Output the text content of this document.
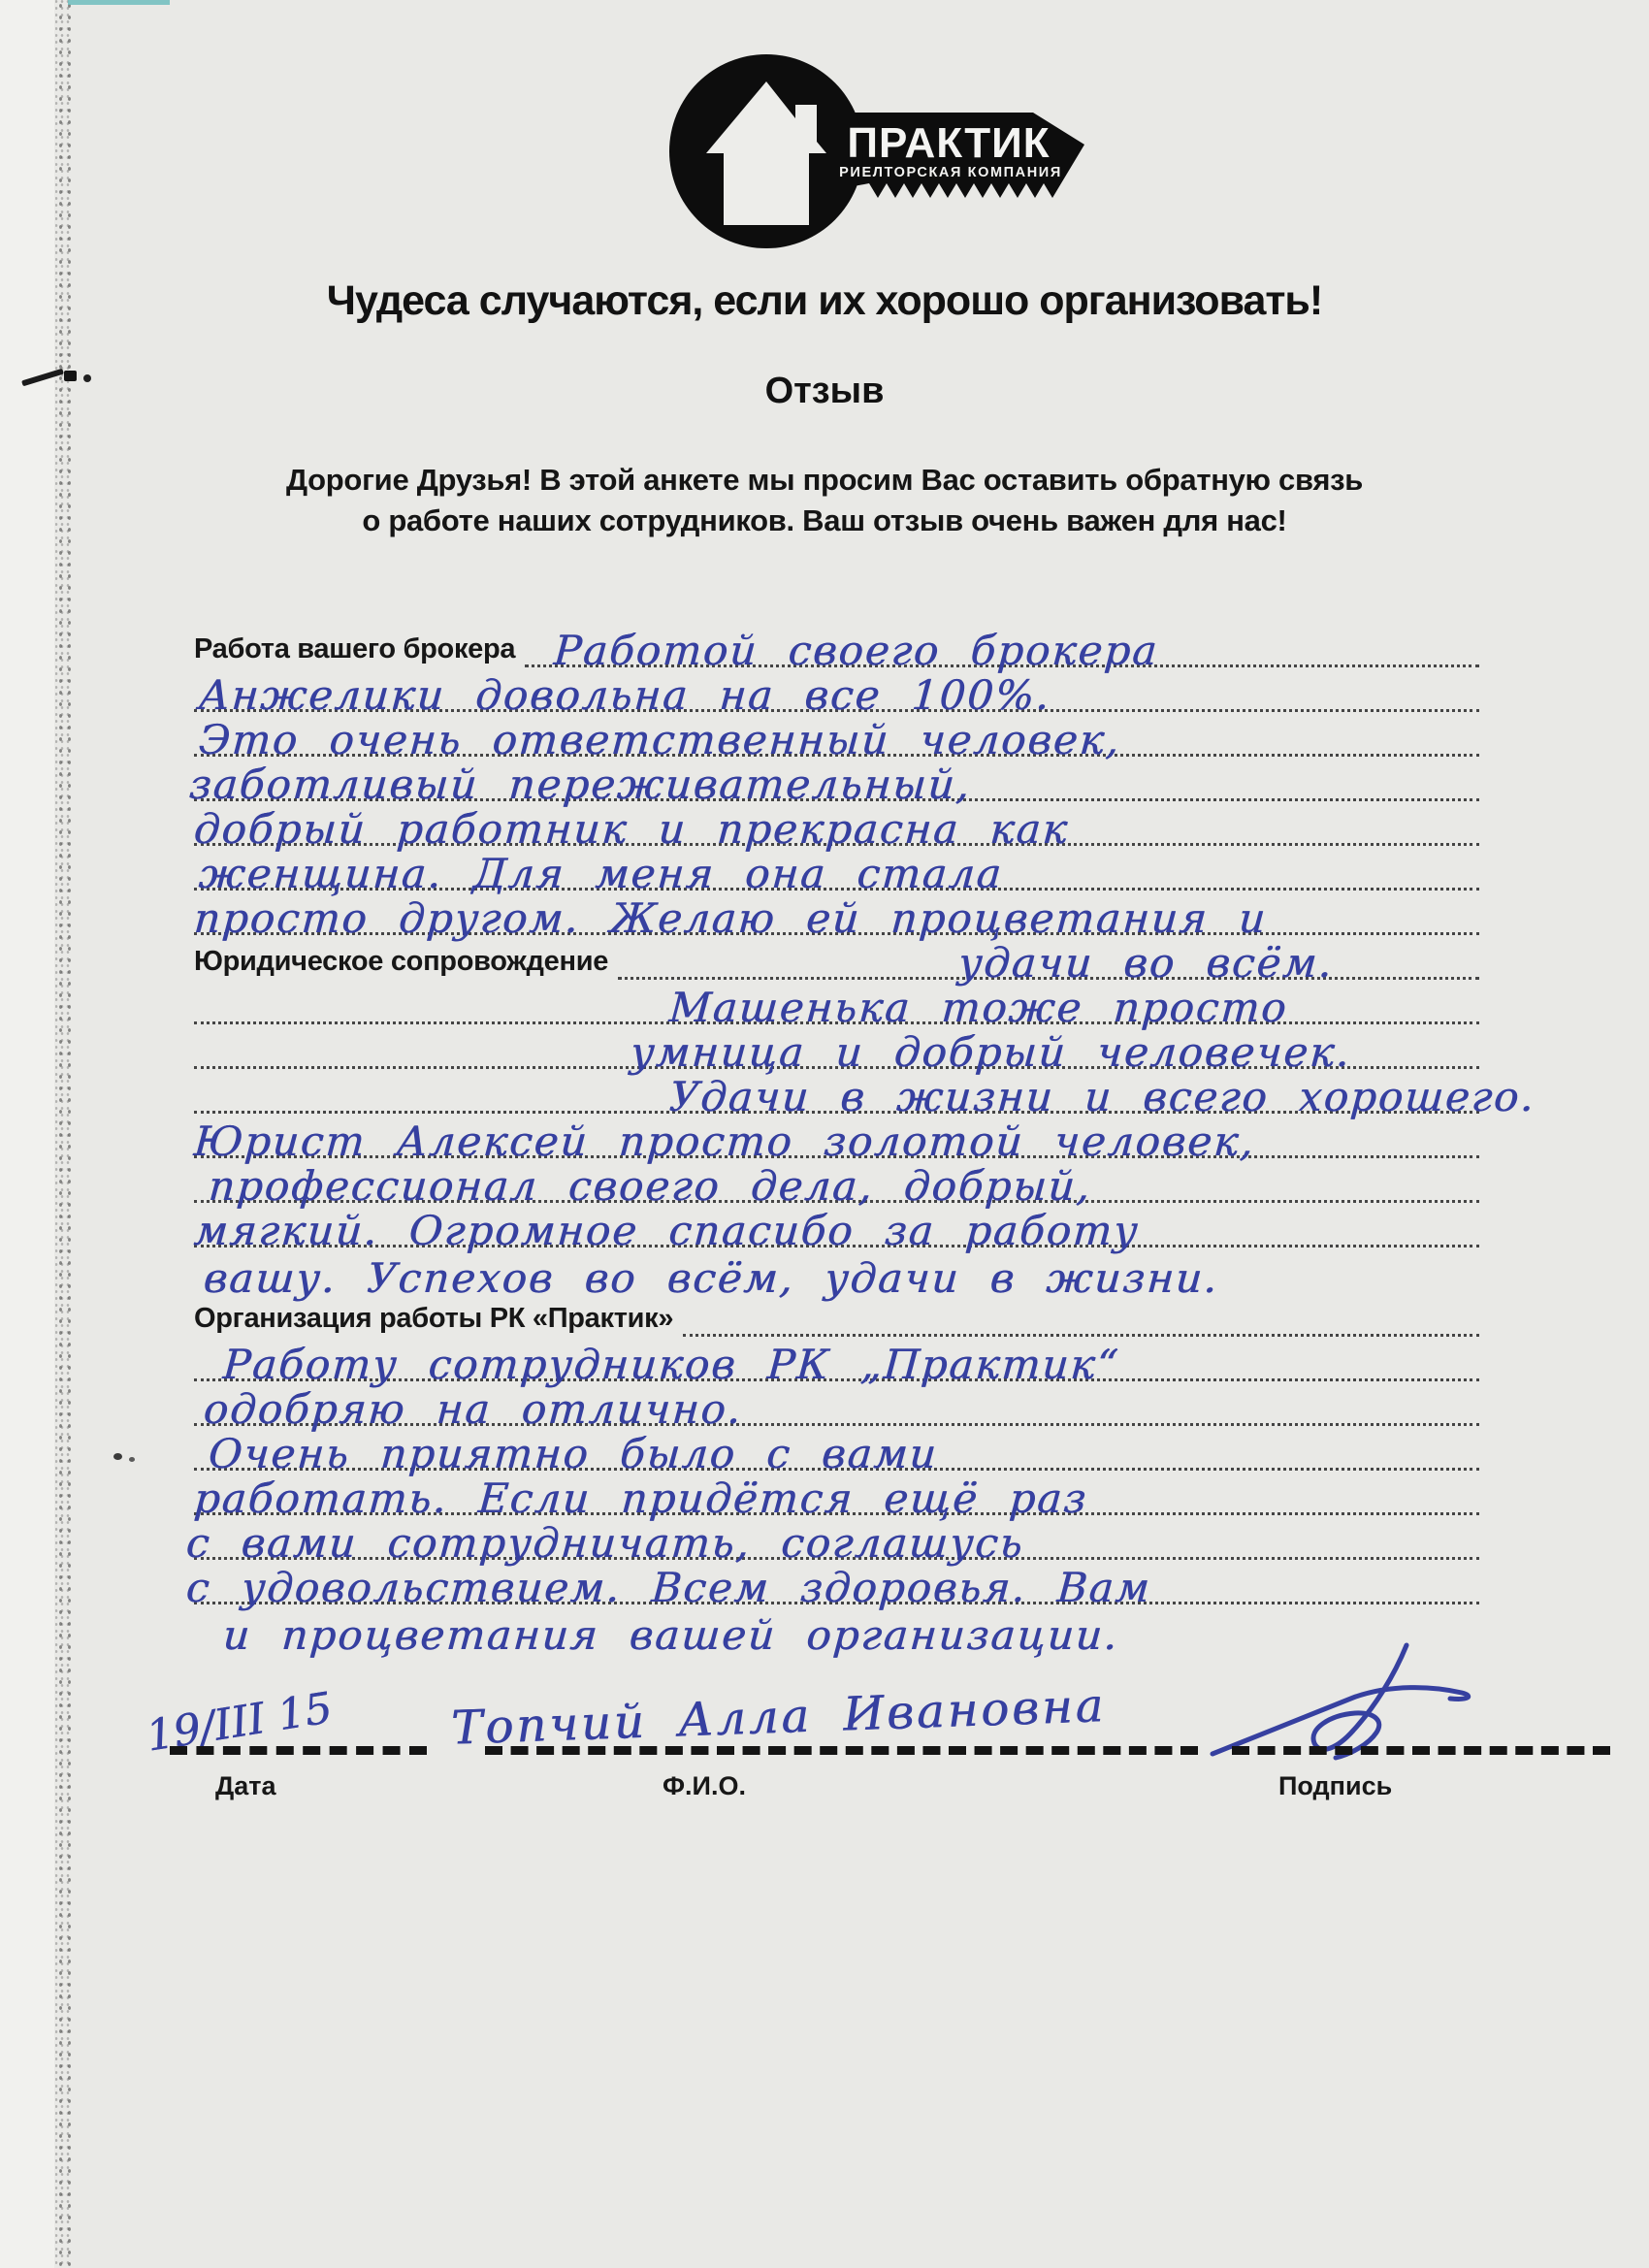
ПРАКТИК
РИЕЛТОРСКАЯ КОМПАНИЯ
Чудеса случаются, если их хорошо организовать!
Отзыв
Дорогие Друзья! В этой анкете мы просим Вас оставить обратную связь
о работе наших сотрудников. Ваш отзыв очень важен для нас!
Работа вашего брокера Работой своего брокера
Анжелики довольна на все 100%.
Это очень ответственный человек,
заботливый переживательный,
добрый работник и прекрасна как
женщина. Для меня она стала
просто другом. Желаю ей процветания и
Юридическое сопровождение	удачи во всём.
Машенька тоже просто
умница и добрый человечек.
Удачи в жизни и всего хорошего.
Юрист Алексей просто золотой человек,
профессионал своего дела, добрый,
мягкий. Огромное спасибо за работу
вашу. Успехов во всём, удачи в жизни.
Организация работы РК «Практик»
Работу сотрудников РК „Практик“
одобряю на отлично.
Очень приятно было с вами
работать. Если придётся ещё раз
с вами сотрудничать, соглашусь
с удовольствием. Всем здоровья. Вам
и процветания вашей организации.
19/III 15 Топчий Алла Ивановна
Дата	Ф.И.О.	Подпись
